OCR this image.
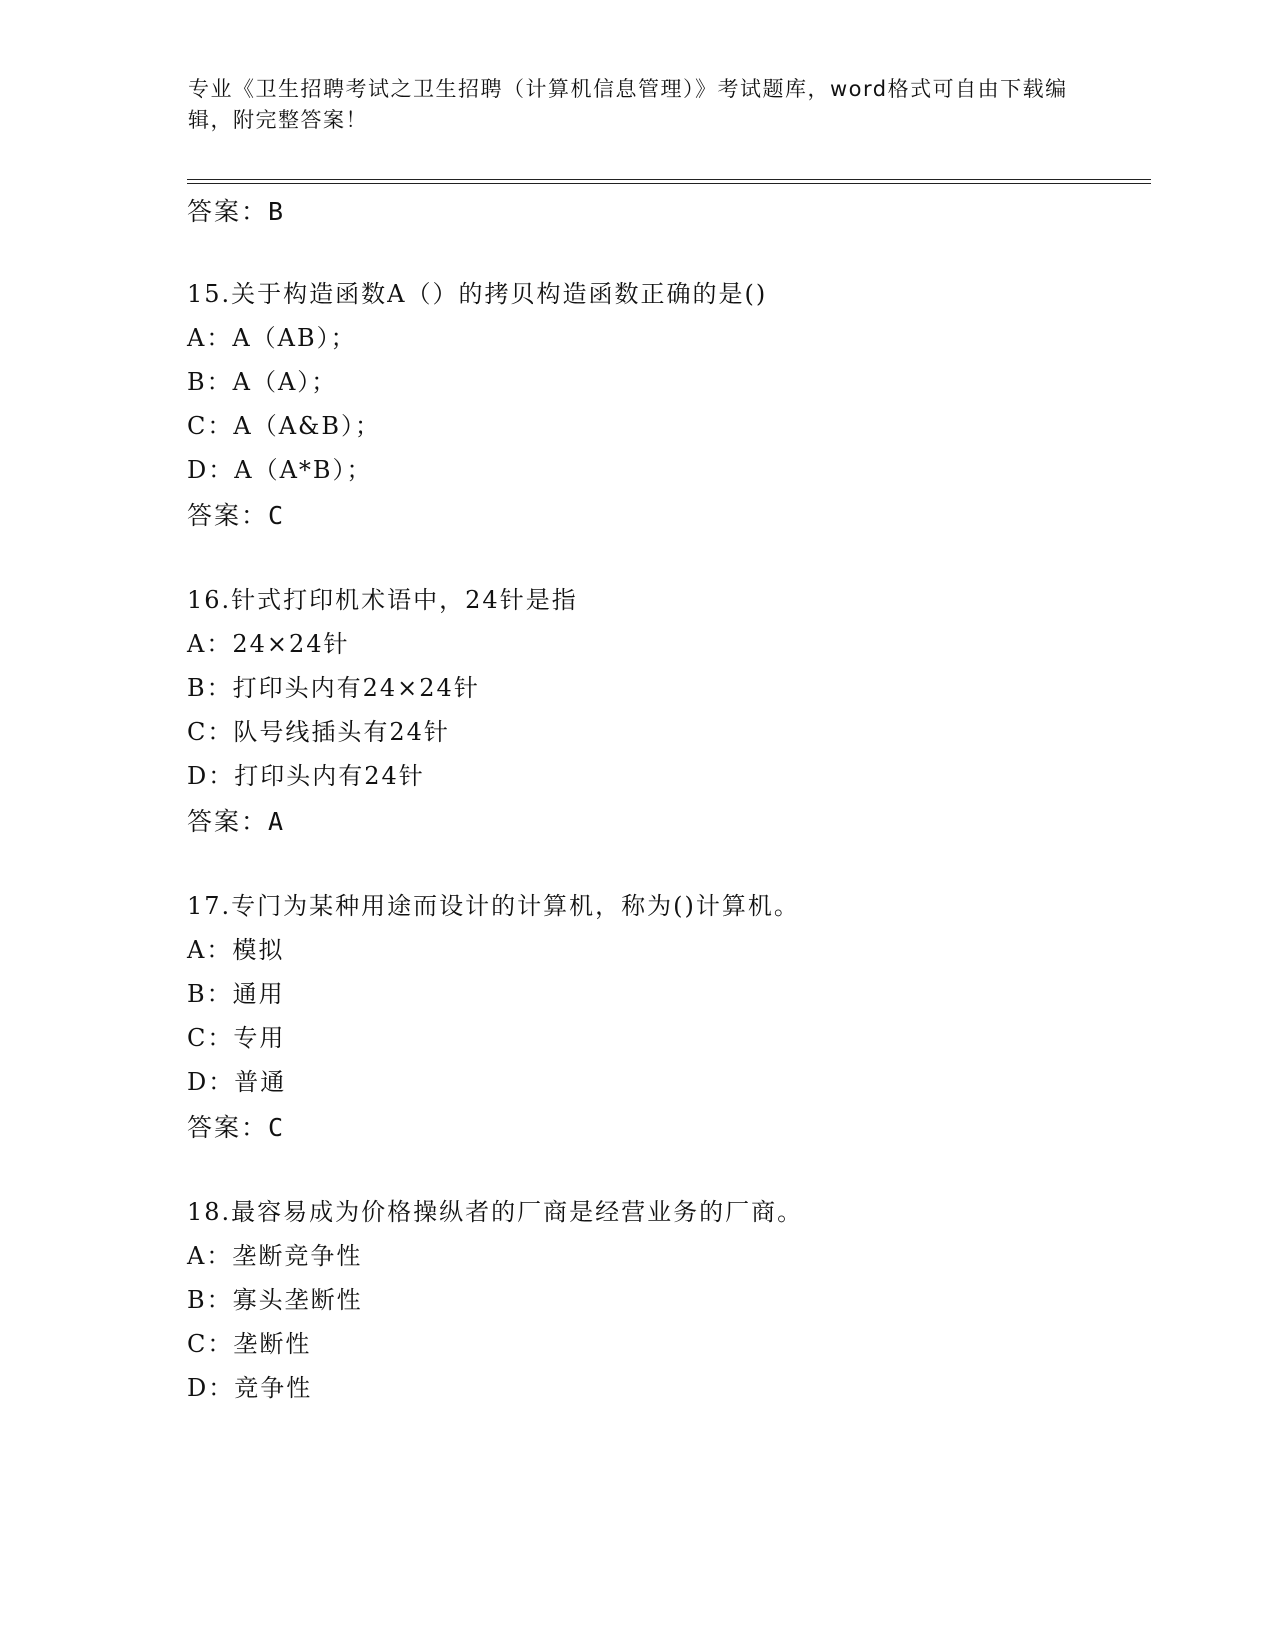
专业《卫生招聘考试之卫生招聘（计算机信息管理）》考试题库，word格式可自由下载编辑，附完整答案！
答案：B
15.关于构造函数A（）的拷贝构造函数正确的是()
A：A（AB）；
B：A（A）；
C：A（A&B）；
D：A（A*B）；
答案：C
16.针式打印机术语中，24针是指
A：24×24针
B：打印头内有24×24针
C：队号线插头有24针
D：打印头内有24针
答案：A
17.专门为某种用途而设计的计算机，称为()计算机。
A：模拟
B：通用
C：专用
D：普通
答案：C
18.最容易成为价格操纵者的厂商是经营业务的厂商。
A：垄断竞争性
B：寡头垄断性
C：垄断性
D：竞争性
